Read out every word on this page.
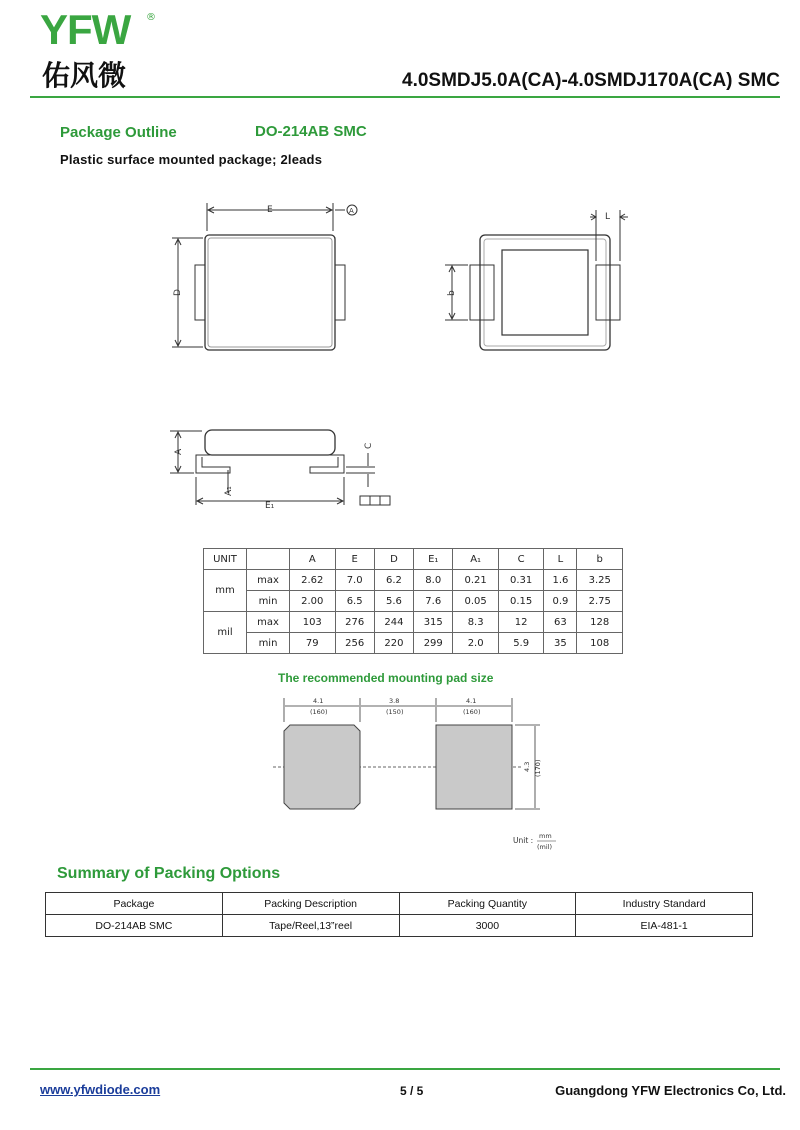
YFW ®
佑风微	4.0SMDJ5.0A(CA)-4.0SMDJ170A(CA) SMC
Package Outline	DO-214AB SMC
Plastic surface mounted package; 2leads
E	A
L
D	b
A
C
A₁
E₁
UNIT		A	E	D	E₁	A₁	C	L	b
mm	max	2.62	7.0	6.2	8.0	0.21	0.31	1.6	3.25
	min	2.00	6.5	5.6	7.6	0.05	0.15	0.9	2.75
mil	max	103	276	244	315	8.3	12	63	128
	min	79	256	220	299	2.0	5.9	35	108
The recommended mounting pad size
4.1
(160)
3.8
(150)
4.1
(160)
4.3 (170)
Unit : mm
(mil)
Summary of Packing Options
Package	Packing Description	Packing Quantity	Industry Standard
DO-214AB SMC	Tape/Reel,13”reel	3000	EIA-481-1
www.yfwdiode.com	5 / 5	Guangdong YFW Electronics Co, Ltd.
